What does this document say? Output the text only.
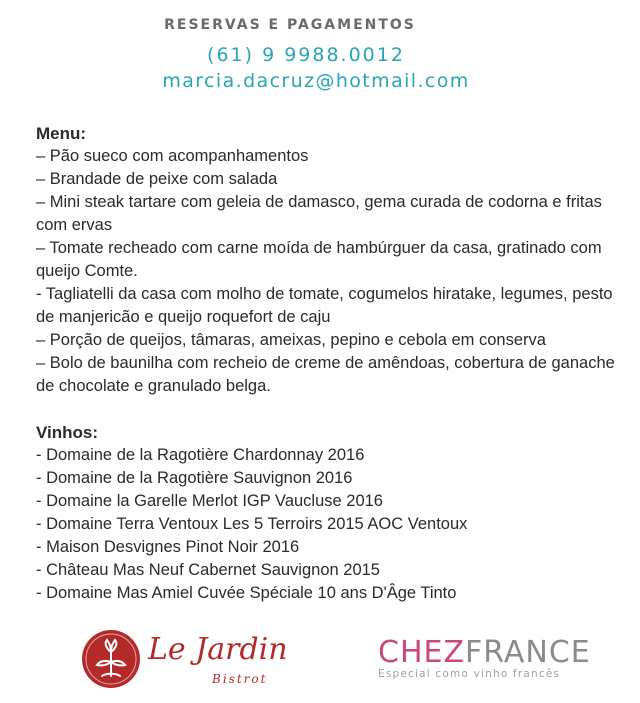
RESERVAS E PAGAMENTOS
(61) 9 9988.0012
marcia.dacruz@hotmail.com
Menu:
– Pão sueco com acompanhamentos
– Brandade de peixe com salada
– Mini steak tartare com geleia de damasco, gema curada de codorna e fritas com ervas
– Tomate recheado com carne moída de hambúrguer da casa, gratinado com queijo Comte.
- Tagliatelli da casa com molho de tomate, cogumelos hiratake, legumes, pesto de manjericão e queijo roquefort de caju
– Porção de queijos, tâmaras, ameixas, pepino e cebola em conserva
– Bolo de baunilha com recheio de creme de amêndoas, cobertura de ganache de chocolate e granulado belga.
Vinhos:
- Domaine de la Ragotière Chardonnay 2016
- Domaine de la Ragotière Sauvignon 2016
- Domaine la Garelle Merlot IGP Vaucluse 2016
- Domaine Terra Ventoux Les 5 Terroirs 2015 AOC Ventoux
- Maison Desvignes Pinot Noir 2016
- Château Mas Neuf Cabernet Sauvignon 2015
- Domaine Mas Amiel Cuvée Spéciale 10 ans D'Âge Tinto
Le Jardin
Bistrot
CHEZFRANCE
Especial como vinho francês
